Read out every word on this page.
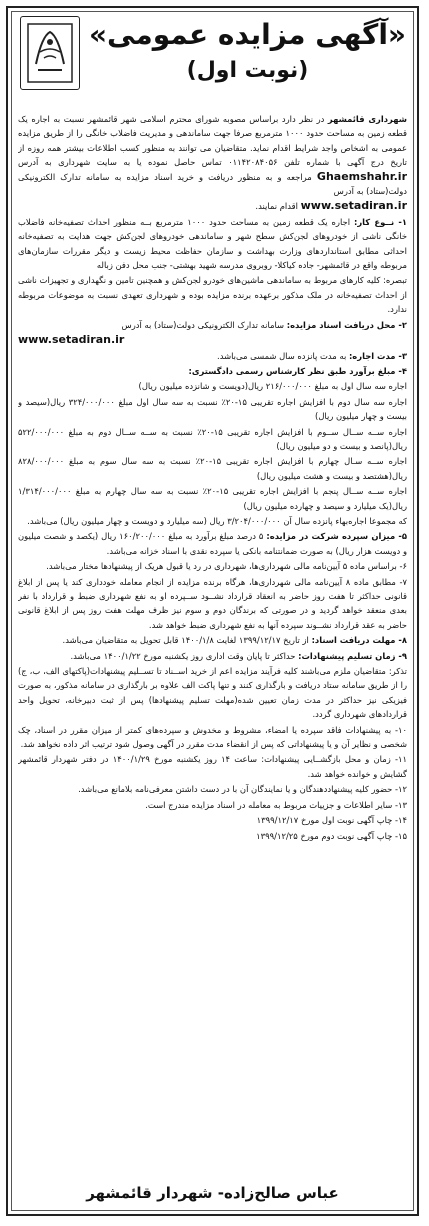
«آگهی مزایده عمومی»
(نوبت اول)

شهرداری قائمشهر در نظر دارد براساس مصوبه شورای محترم اسلامی شهر قائمشهر نسبت به اجاره یک قطعه زمین به مساحت حدود ۱۰۰۰ مترمربع صرفا جهت ساماندهی و مدیریت فاضلاب خانگی را از طریق مزایده عمومی به اشخاص واجد شرایط اقدام نماید. متقاضیان می توانند به منظور کسب اطلاعات بیشتر همه روزه از تاریخ درج آگهی با شماره تلفن ۰۱۱۴۲۰۸۴۰۵۶ تماس حاصل نموده یا به سایت شهرداری به آدرس Ghaemshahr.ir مراجعه و به منظور دریافت و خرید اسناد مزایده به سامانه تدارک الکترونیکی دولت(ستاد) به آدرس

www.setadiran.ir اقدام نمایند.

۱- نــوع کار: اجاره یک قطعه زمین به مساحت حدود ۱۰۰۰ مترمربع بــه منظور احداث تصفیه‌خانه فاضلاب خانگی ناشی از خودروهای لجن‌کش سطح شهر و ساماندهی خودروهای لجن‌کش جهت هدایت به تصفیه‌خانه احداثی مطابق استانداردهای وزارت بهداشت و سازمان حفاظت محیط زیست و دیگر مقررات سازمان‌های مربوطه واقع در قائمشهر- جاده کیاکلا- روبروی مدرسه شهید بهشتی- جنب محل دفن زباله

تبصره: کلیه کارهای مربوط به ساماندهی ماشین‌های خودرو لجن‌کش و همچنین تامین و نگهداری و تجهیزات ناشی از احداث تصفیه‌خانه در ملک مذکور برعهده برنده مزایده بوده و شهرداری تعهدی نسبت به موضوعات مربوطه ندارد.

۲- محل دریافت اسناد مزایده: سامانه تدارک الکترونیکی دولت(ستاد) به آدرس

www.setadiran.ir

۳- مدت اجاره: به مدت پانزده سال شمسی می‌باشد.

۴- مبلغ برآورد طبق نظر کارشناس رسمی دادگستری:

اجاره سه سال اول به مبلغ ۲۱۶/۰۰۰/۰۰۰ ریال(دویست و شانزده میلیون ریال)

اجاره سه سال دوم با افزایش اجاره تقریبی ۱۵-۲۰٪ نسبت به سه سال اول مبلغ ۳۲۴/۰۰۰/۰۰۰ ریال(سیصد و بیست و چهار میلیون ریال)

اجاره ســه ســال ســوم با افزایش اجاره تقریبی ۱۵-۲۰٪ نسبت به ســه ســال دوم به مبلغ ۵۲۲/۰۰۰/۰۰۰ ریال(پانصد و بیست و دو میلیون ریال)

اجاره ســه سـال چهارم با افزایش اجاره تقریبی ۱۵-۲۰٪ نسبت به سه سال سوم به مبلغ ۸۲۸/۰۰۰/۰۰۰ ریال(هشتصد و بیست و هشت میلیون ریال)

اجاره ســه ســال پنجم با افزایش اجاره تقریبی ۱۵-۲۰٪ نسبت به سه سال چهارم به مبلغ ۱/۳۱۴/۰۰۰/۰۰۰ ریال(یک میلیارد و سیصد و چهارده میلیون ریال)

که مجموعا اجاره‌بهاء پانزده سال آن ۳/۲۰۴/۰۰۰/۰۰۰ ریال (سه میلیارد و دویست و چهار میلیون ریال) می‌باشد.

۵- میزان سپرده شرکت در مزایده: ۵ درصد مبلغ برآورد به مبلغ ۱۶۰/۲۰۰/۰۰۰ ریال (یکصد و شصت میلیون و دویست هزار ریال) به صورت ضمانتنامه بانکی یا سپرده نقدی با اسناد خزانه می‌باشد.

۶- براساس ماده ۵ آیین‌نامه مالی شهرداری‌ها، شهرداری در رد یا قبول هریک از پیشنهادها مختار می‌باشد.

۷- مطابق ماده ۸ آیین‌نامه مالی شهرداری‌ها، هرگاه برنده مزایده از انجام معامله خودداری کند یا پس از ابلاغ قانونی حداکثر تا هفت روز حاضر به انعقاد قرارداد نشــود ســپرده او به نفع شهرداری ضبط و قرارداد با نفر بعدی منعقد خواهد گردید و در صورتی که برندگان دوم و سوم نیز ظرف مهلت هفت روز پس از ابلاغ قانونی حاضر به عقد قرارداد نشــوند سپرده آنها به نفع شهرداری ضبط خواهد شد.

۸- مهلت دریافت اسناد: از تاریخ ۱۳۹۹/۱۲/۱۷ لغایت ۱۴۰۰/۱/۸ قابل تحویل به متقاضیان می‌باشد.

۹- زمان تسلیم پیشنهادات: حداکثر تا پایان وقت اداری روز یکشنبه مورخ ۱۴۰۰/۱/۲۲ می‌باشد.

تذکر: متقاضیان ملزم می‌باشند کلیه فرآیند مزایده اعم از خرید اســناد تا تســلیم پیشنهادات(پاکتهای الف، ب، ج) را از طریق سامانه ستاد دریافت و بارگذاری کنند و تنها پاکت الف علاوه بر بارگذاری در سامانه مذکور، به صورت فیزیکی نیز حداکثر در مدت زمان تعیین شده(مهلت تسلیم پیشنهادها) پس از ثبت دبیرخانه، تحویل واحد قراردادهای شهرداری گردد.

۱۰- به پیشنهادات فاقد سپرده یا امضاء، مشروط و مخدوش و سپرده‌های کمتر از میزان مقرر در اسناد، چک شخصی و نظایر آن و یا پیشنهاداتی که پس از انقضاء مدت مقرر در آگهی وصول شود ترتیب اثر داده نخواهد شد.

۱۱- زمان و محل بازگشــایی پیشنهادات: ساعت ۱۴ روز یکشنبه مورخ ۱۴۰۰/۱/۲۹ در دفتر شهردار قائمشهر گشایش و خوانده خواهد شد.

۱۲- حضور کلیه پیشنهاددهندگان و یا نمایندگان آن با در دست داشتن معرفی‌نامه بلامانع می‌باشد.

۱۳- سایر اطلاعات و جزییات مربوط به معامله در اسناد مزایده مندرج است.

۱۴- چاپ آگهی نوبت اول مورخ ۱۳۹۹/۱۲/۱۷

۱۵- چاپ آگهی نوبت دوم مورخ ۱۳۹۹/۱۲/۲۵

عباس صالح‌زاده- شهردار قائمشهر
